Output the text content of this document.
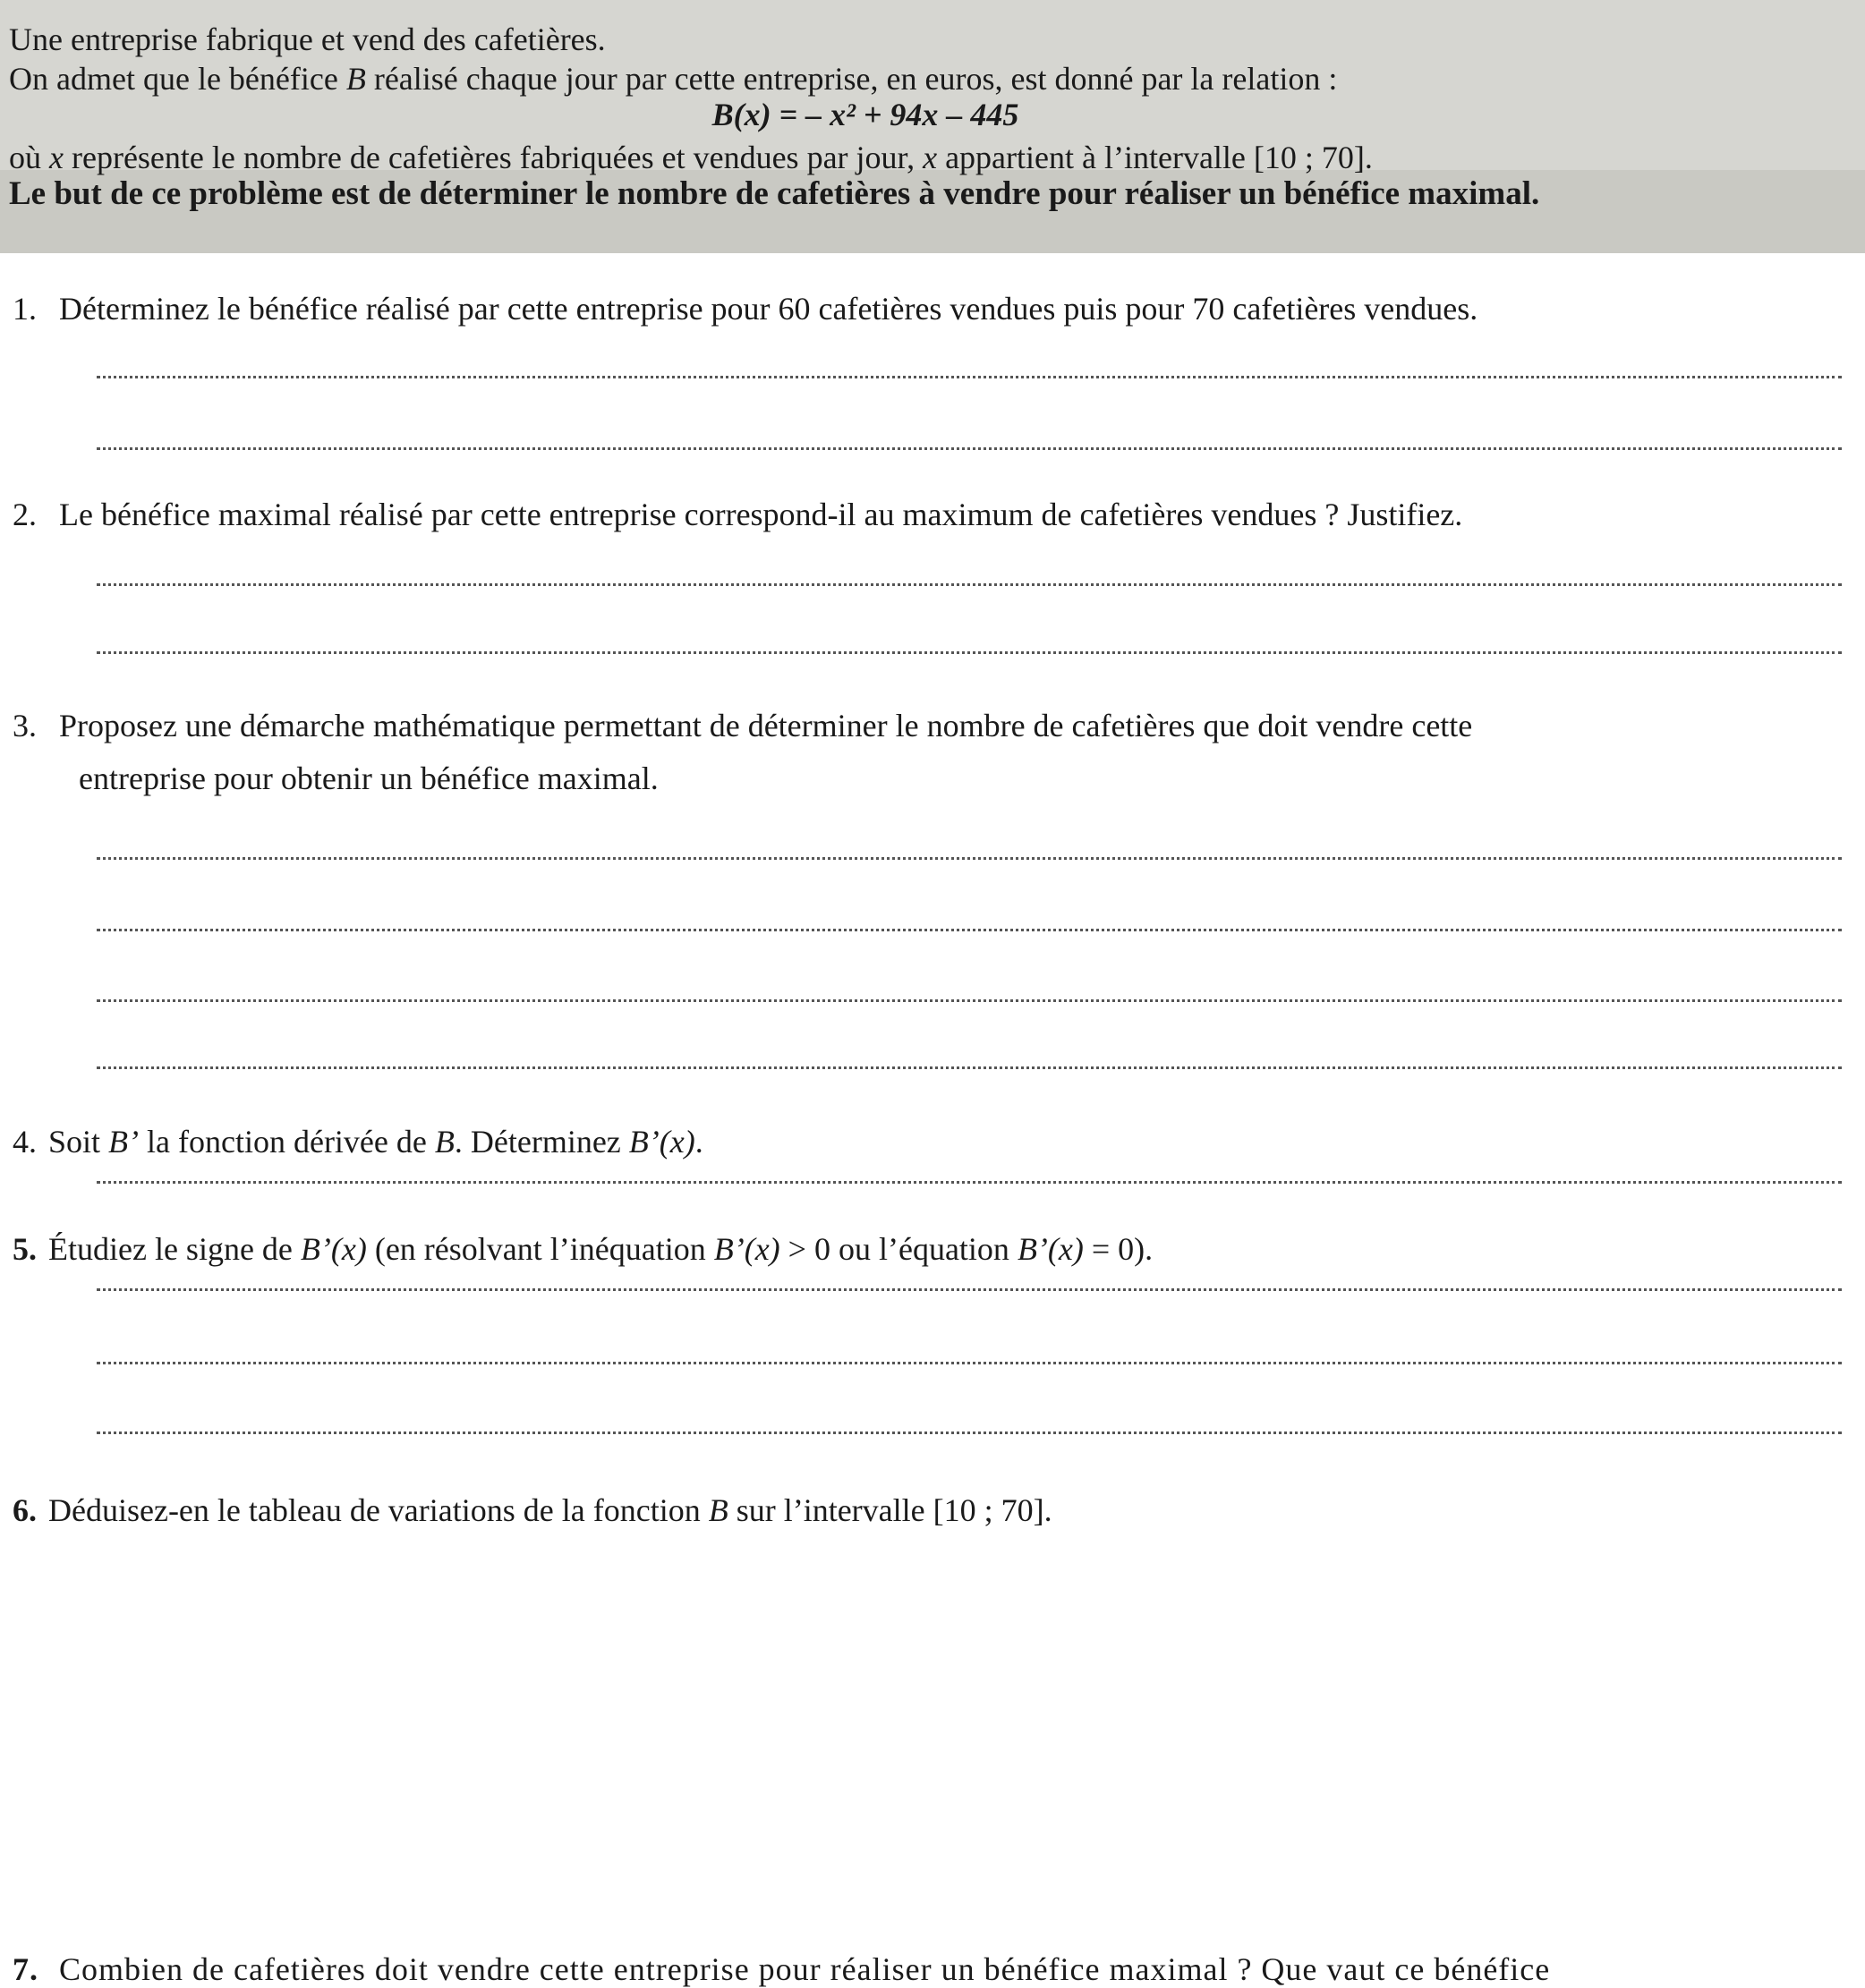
Une entreprise fabrique et vend des cafetières.
On admet que le bénéfice B réalisé chaque jour par cette entreprise, en euros, est donné par la relation :
B(x) = – x² + 94x – 445
où x représente le nombre de cafetières fabriquées et vendues par jour, x appartient à l’intervalle [10 ; 70].
Le but de ce problème est de déterminer le nombre de cafetières à vendre pour réaliser un bénéfice maximal.
1. Déterminez le bénéfice réalisé par cette entreprise pour 60 cafetières vendues puis pour 70 cafetières vendues.
2. Le bénéfice maximal réalisé par cette entreprise correspond-il au maximum de cafetières vendues ? Justifiez.
3. Proposez une démarche mathématique permettant de déterminer le nombre de cafetières que doit vendre cette
entreprise pour obtenir un bénéfice maximal.
4. Soit B’ la fonction dérivée de B. Déterminez B’(x).
5. Étudiez le signe de B’(x) (en résolvant l’inéquation B’(x) > 0 ou l’équation B’(x) = 0).
6. Déduisez-en le tableau de variations de la fonction B sur l’intervalle [10 ; 70].
7. Combien de cafetières doit vendre cette entreprise pour réaliser un bénéfice maximal ? Que vaut ce bénéfice
